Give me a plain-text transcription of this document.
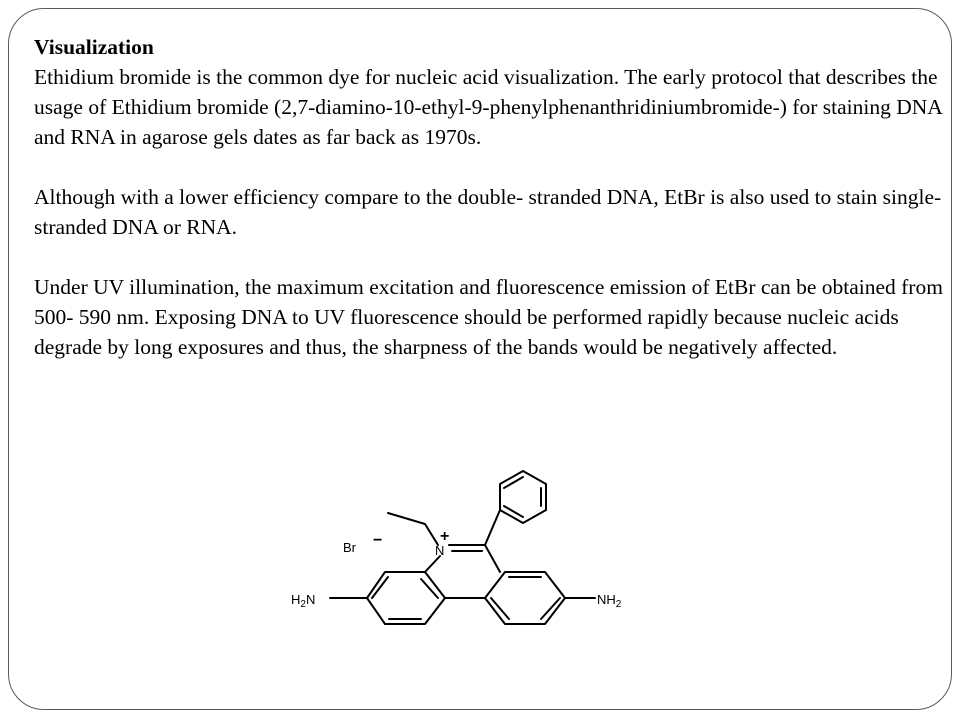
Visualization
Ethidium bromide is the common dye for nucleic acid visualization. The early protocol that describes the usage of Ethidium bromide (2,7-diamino-10-ethyl-9-phenylphenanthridiniumbromide-) for staining DNA and RNA in agarose gels dates as far back as 1970s.

Although with a lower efficiency compare to the double- stranded DNA, EtBr is also used to stain single- stranded DNA or RNA.

Under UV illumination, the maximum excitation and fluorescence emission of EtBr can be obtained from 500- 590 nm. Exposing DNA to UV fluorescence should be performed rapidly because nucleic acids degrade by long exposures and thus, the sharpness of the bands would be negatively affected.

Br −
N
+
$H_2N$	$NH_2$
